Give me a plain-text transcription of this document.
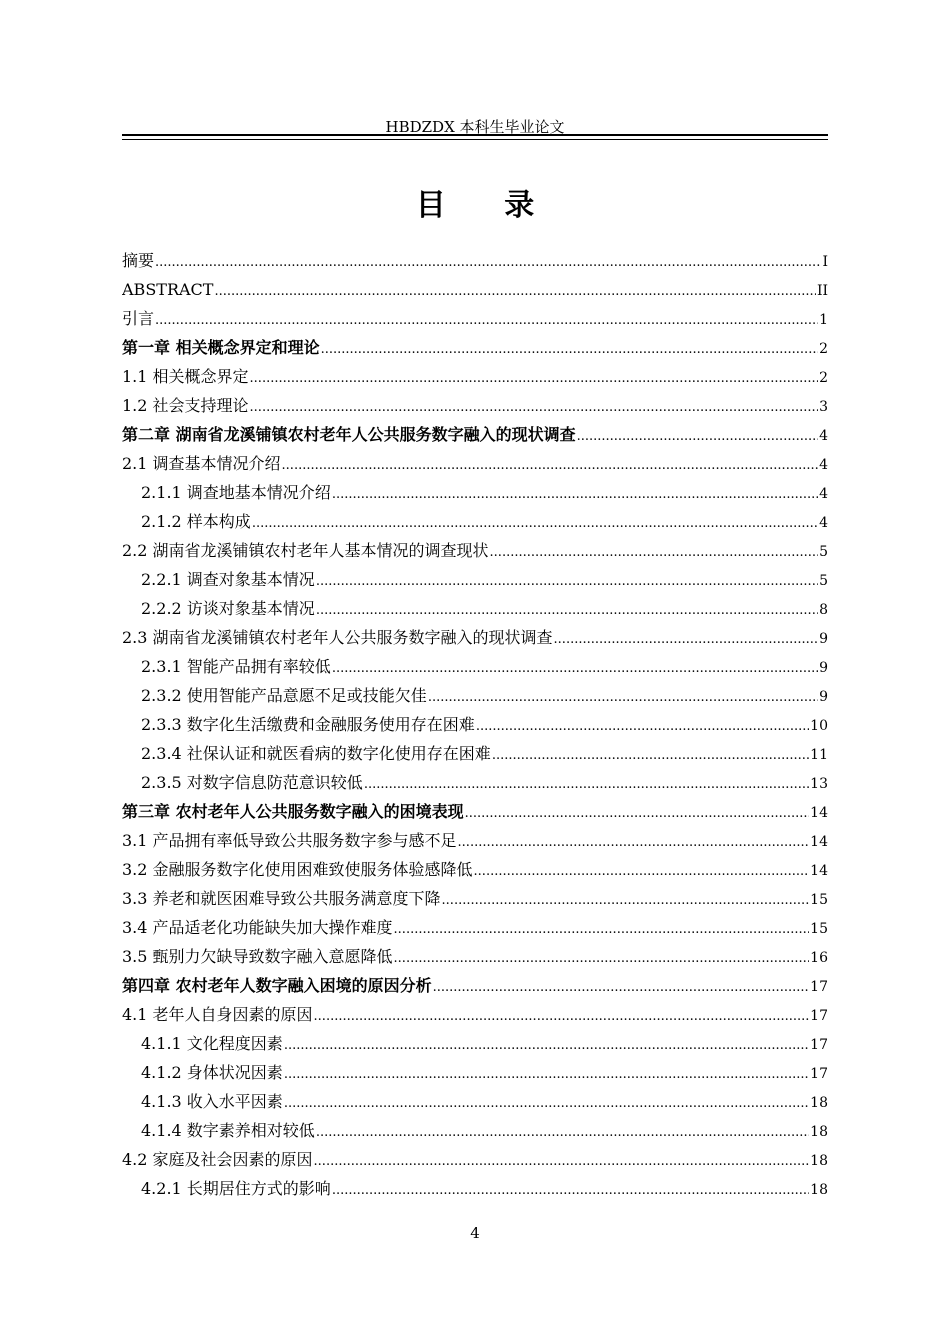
HBDZDX 本科生毕业论文
目 录
摘要 .....	I
ABSTRACT .....	II
引言 .....	1
第一章 相关概念界定和理论 .....	2
1.1 相关概念界定 .....	2
1.2 社会支持理论 .....	3
第二章 湖南省龙溪铺镇农村老年人公共服务数字融入的现状调查 .....	4
2.1 调查基本情况介绍 .....	4
2.1.1 调查地基本情况介绍 .....	4
2.1.2 样本构成 .....	4
2.2 湖南省龙溪铺镇农村老年人基本情况的调查现状 .....	5
2.2.1 调查对象基本情况 .....	5
2.2.2 访谈对象基本情况 .....	8
2.3 湖南省龙溪铺镇农村老年人公共服务数字融入的现状调查 .....	9
2.3.1 智能产品拥有率较低 .....	9
2.3.2 使用智能产品意愿不足或技能欠佳 .....	9
2.3.3 数字化生活缴费和金融服务使用存在困难 .....	10
2.3.4 社保认证和就医看病的数字化使用存在困难 .....	11
2.3.5 对数字信息防范意识较低 .....	13
第三章 农村老年人公共服务数字融入的困境表现 .....	14
3.1 产品拥有率低导致公共服务数字参与感不足 .....	14
3.2 金融服务数字化使用困难致使服务体验感降低 .....	14
3.3 养老和就医困难导致公共服务满意度下降 .....	15
3.4 产品适老化功能缺失加大操作难度 .....	15
3.5 甄别力欠缺导致数字融入意愿降低 .....	16
第四章 农村老年人数字融入困境的原因分析 .....	17
4.1 老年人自身因素的原因 .....	17
4.1.1 文化程度因素 .....	17
4.1.2 身体状况因素 .....	17
4.1.3 收入水平因素 .....	18
4.1.4 数字素养相对较低 .....	18
4.2 家庭及社会因素的原因 .....	18
4.2.1 长期居住方式的影响 .....	18
4
